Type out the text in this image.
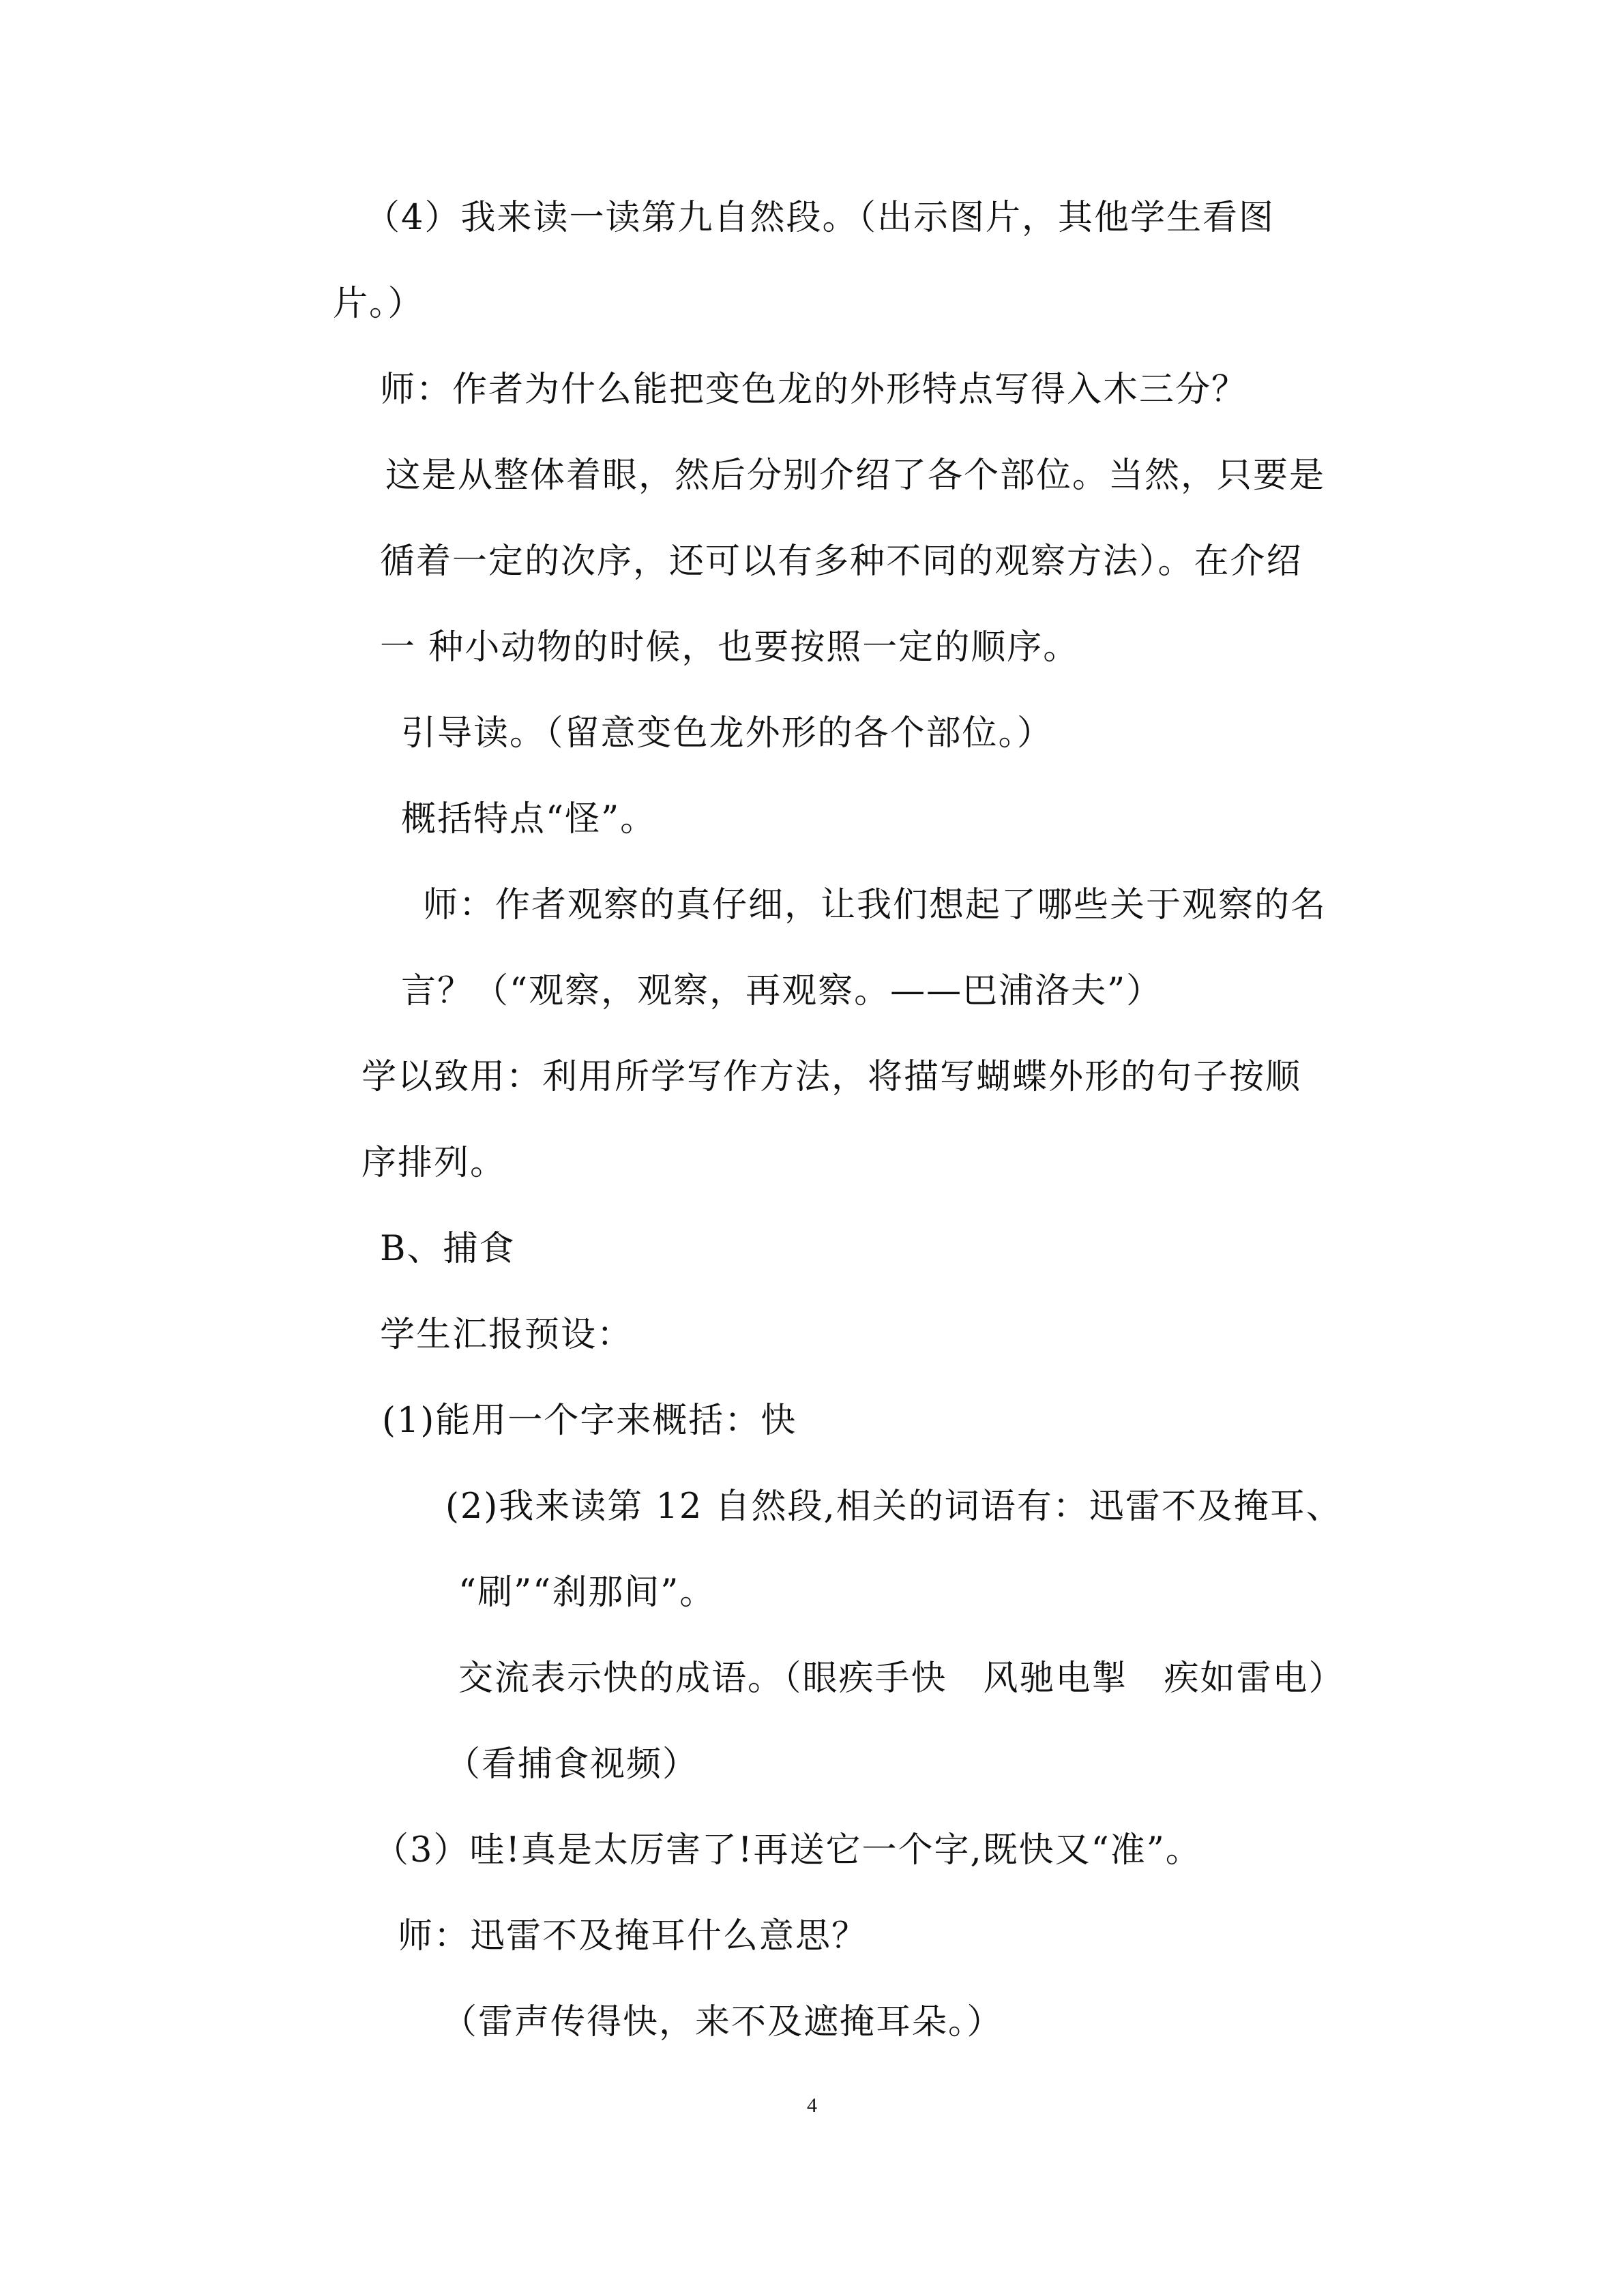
（4）我来读一读第九自然段。（出示图片，其他学生看图
片。）
师：作者为什么能把变色龙的外形特点写得入木三分？
这是从整体着眼，然后分别介绍了各个部位。当然，只要是
循着一定的次序，还可以有多种不同的观察方法）。在介绍
一 种小动物的时候，也要按照一定的顺序。
引导读。（留意变色龙外形的各个部位。）
概括特点“怪”。
师：作者观察的真仔细，让我们想起了哪些关于观察的名
言？（“观察，观察，再观察。——巴浦洛夫”）
学以致用：利用所学写作方法，将描写蝴蝶外形的句子按顺
序排列。
B、捕食
学生汇报预设：
(1)能用一个字来概括：快
(2)我来读第 12 自然段,相关的词语有：迅雷不及掩耳、
“刷”“刹那间”。
交流表示快的成语。（眼疾手快　风驰电掣　疾如雷电）
（看捕食视频）
（3）哇!真是太厉害了!再送它一个字,既快又“准”。
师：迅雷不及掩耳什么意思？
（雷声传得快，来不及遮掩耳朵。）
4
